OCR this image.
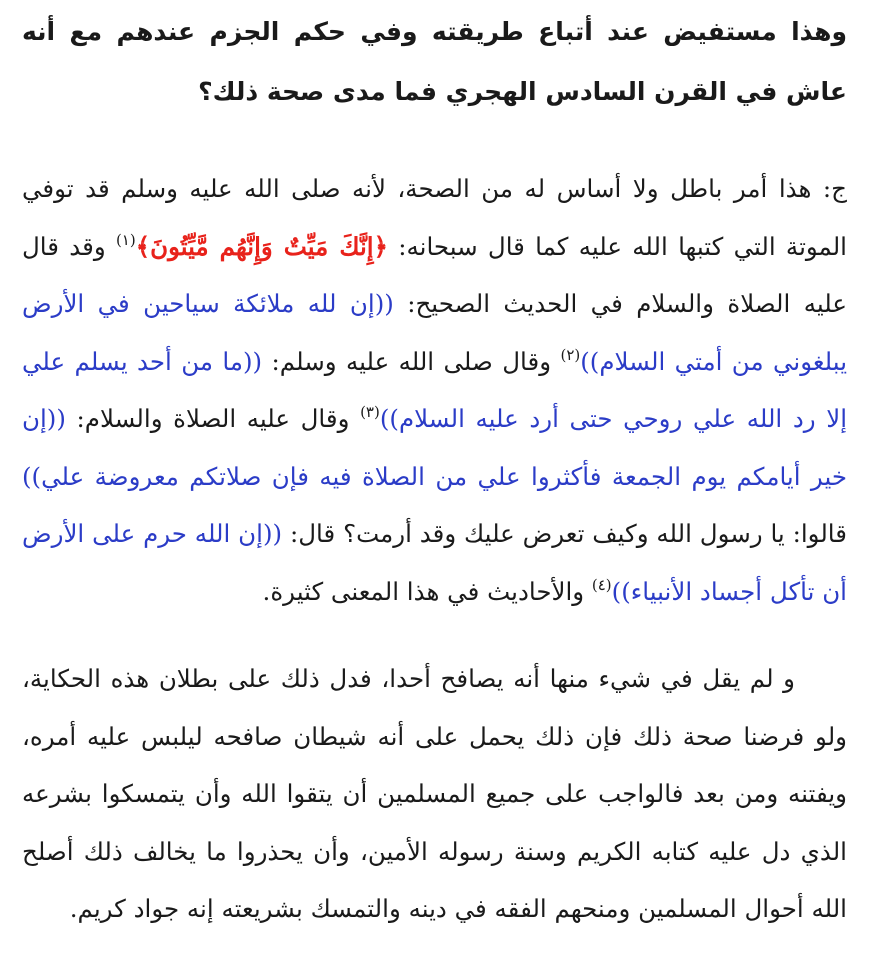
وهذا مستفيض عند أتباع طريقته وفي حكم الجزم عندهم مع أنه عاش في القرن السادس الهجري فما مدى صحة ذلك؟
ج: هذا أمر باطل ولا أساس له من الصحة، لأنه صلى الله عليه وسلم قد توفي الموتة التي كتبها الله عليه كما قال سبحانه: ﴿إِنَّكَ مَيِّتٌ وَإِنَّهُم مَّيِّتُونَ﴾( $^١$ ) وقد قال عليه الصلاة والسلام في الحديث الصحيح: ((إن لله ملائكة سياحين في الأرض يبلغوني من أمتي السلام))( $^٢$ ) وقال صلى الله عليه وسلم: ((ما من أحد يسلم علي إلا رد الله علي روحي حتى أرد عليه السلام))( $^٣$ ) وقال عليه الصلاة والسلام: ((إن خير أيامكم يوم الجمعة فأكثروا علي من الصلاة فيه فإن صلاتكم معروضة علي)) قالوا: يا رسول الله وكيف تعرض عليك وقد أرمت؟ قال: ((إن الله حرم على الأرض أن تأكل أجساد الأنبياء))( $^٤$ ) والأحاديث في هذا المعنى كثيرة.
و لم يقل في شيء منها أنه يصافح أحدا، فدل ذلك على بطلان هذه الحكاية، ولو فرضنا صحة ذلك فإن ذلك يحمل على أنه شيطان صافحه ليلبس عليه أمره، ويفتنه ومن بعد فالواجب على جميع المسلمين أن يتقوا الله وأن يتمسكوا بشرعه الذي دل عليه كتابه الكريم وسنة رسوله الأمين، وأن يحذروا ما يخالف ذلك أصلح الله أحوال المسلمين ومنحهم الفقه في دينه والتمسك بشريعته إنه جواد كريم.
